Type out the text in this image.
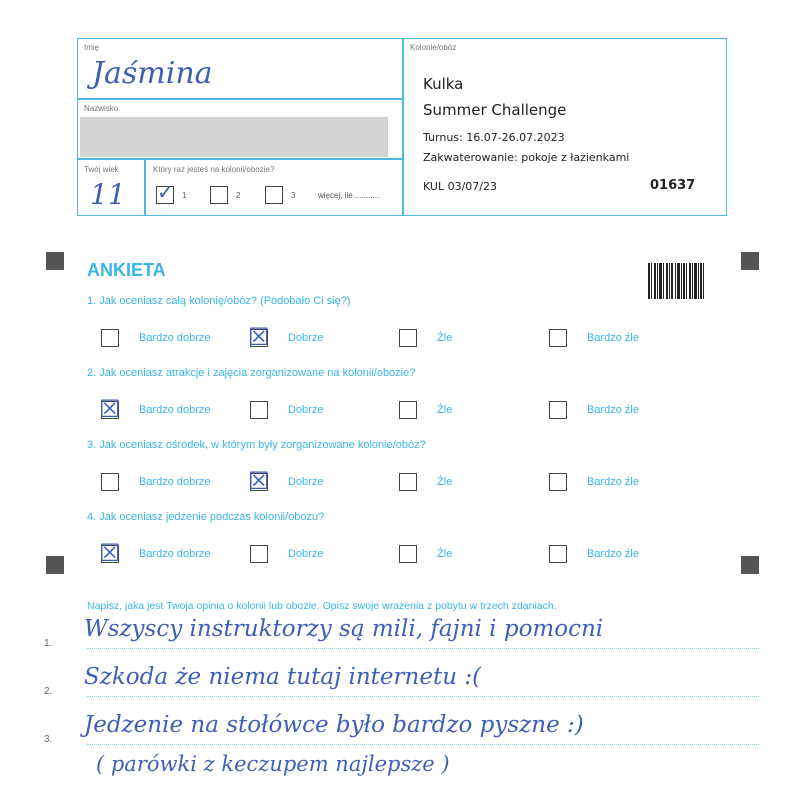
Imię
Jaśmina
Nazwisko
Twój wiek
11
Który raz jesteś na kolonii/obozie?
✓ 1	2	3	więcej, ile ...........
Kolonie/obóz
Kulka
Summer Challenge
Turnus: 16.07-26.07.2023
Zakwaterowanie: pokoje z łazienkami
KUL 03/07/23	01637
ANKIETA
1. Jak oceniasz całą kolonię/obóz? (Podobało Ci się?)
Bardzo dobrze ☒ Dobrze	Źle	Bardzo źle
2. Jak oceniasz atrakcje i zajęcia zorganizowane na kolonii/obozie?
☒ Bardzo dobrze	Dobrze	Źle	Bardzo źle
3. Jak oceniasz ośrodek, w którym były zorganizowane kolonie/obóz?
Bardzo dobrze ☒ Dobrze	Źle	Bardzo źle
4. Jak oceniasz jedzenie podczas kolonii/obozu?
☒ Bardzo dobrze	Dobrze	Źle	Bardzo źle
Napisz, jaka jest Twoja opinia o kolonii lub obozie. Opisz swoje wrażenia z pobytu w trzech zdaniach.
1.
Wszyscy instruktorzy są mili, fajni i pomocni
2.
Szkoda że niema tutaj internetu :(
3.
Jedzenie na stołówce było bardzo pyszne :)
( parówki z keczupem najlepsze )
